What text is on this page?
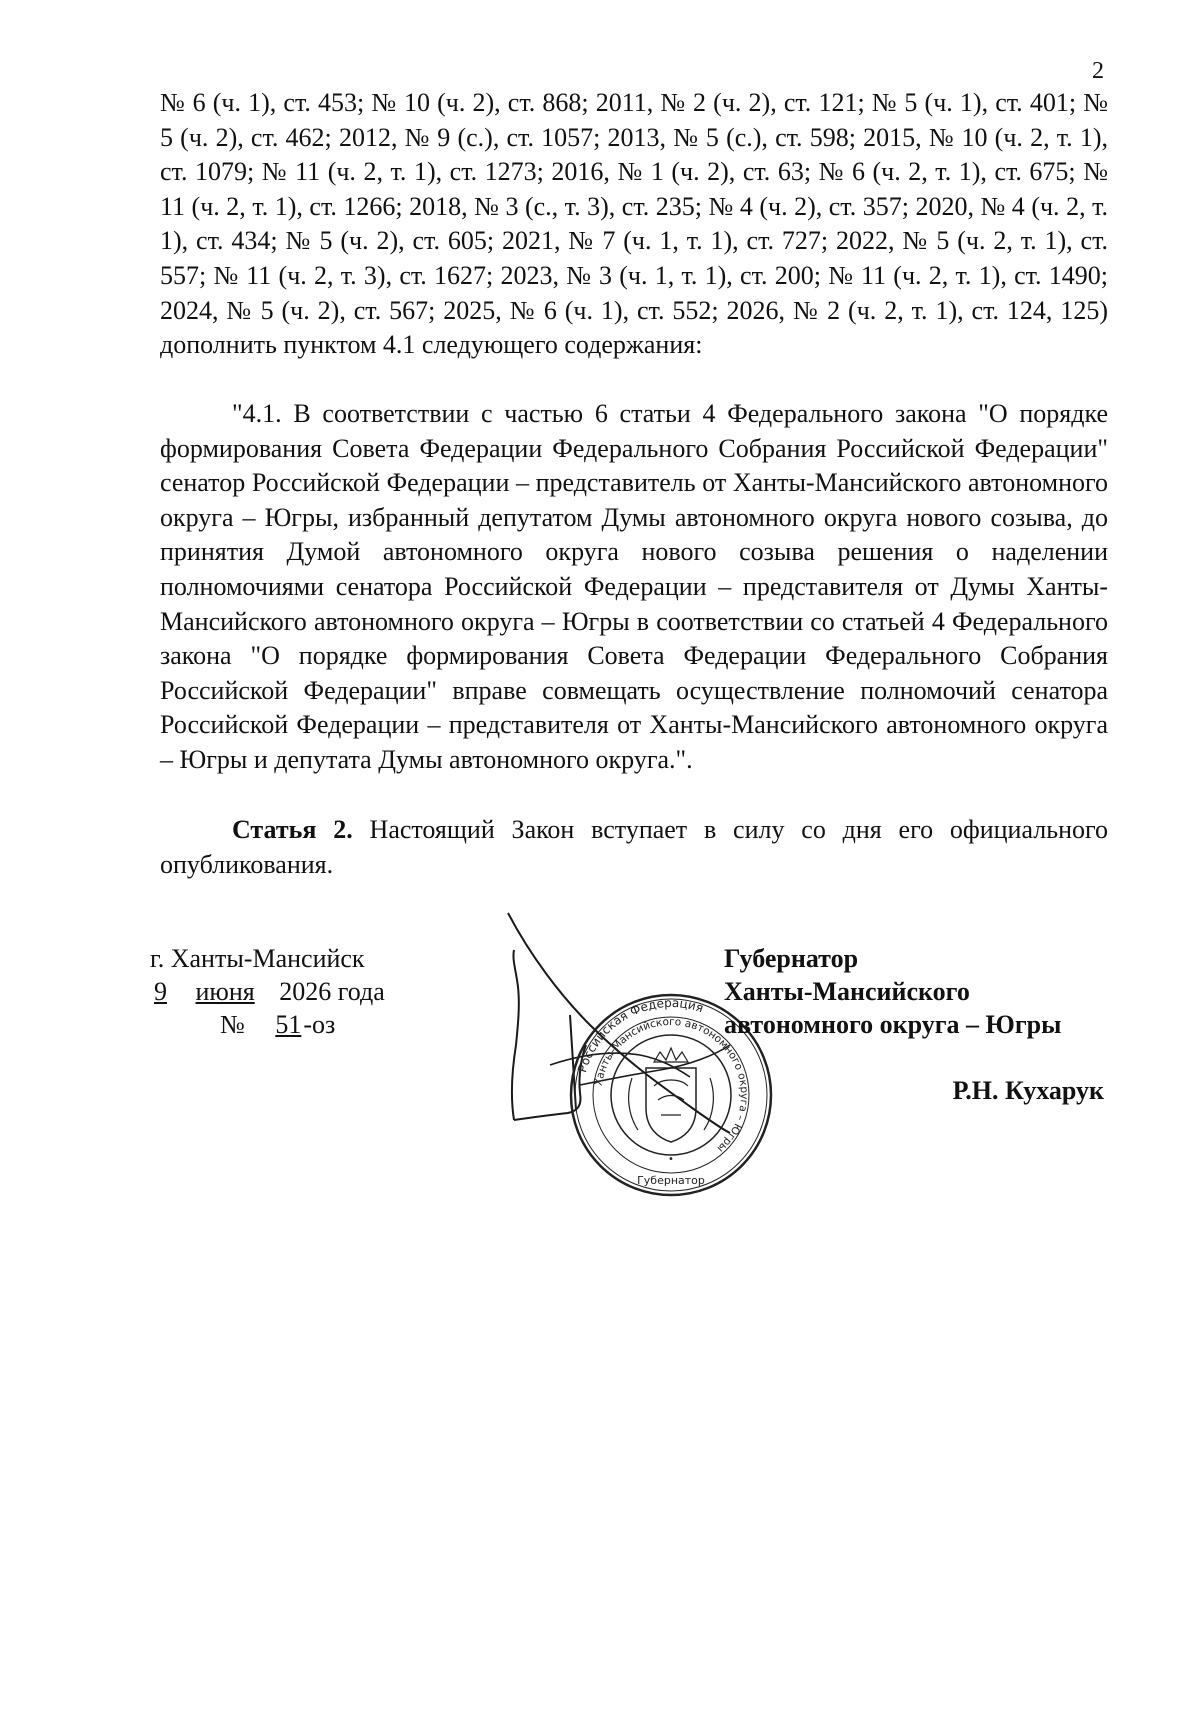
2

№ 6 (ч. 1), ст. 453; № 10 (ч. 2), ст. 868; 2011, № 2 (ч. 2), ст. 121; № 5 (ч. 1), ст. 401; № 5 (ч. 2), ст. 462; 2012, № 9 (с.), ст. 1057; 2013, № 5 (с.), ст. 598; 2015, № 10 (ч. 2, т. 1), ст. 1079; № 11 (ч. 2, т. 1), ст. 1273; 2016, № 1 (ч. 2), ст. 63; № 6 (ч. 2, т. 1), ст. 675; № 11 (ч. 2, т. 1), ст. 1266; 2018, № 3 (с., т. 3), ст. 235; № 4 (ч. 2), ст. 357; 2020, № 4 (ч. 2, т. 1), ст. 434; № 5 (ч. 2), ст. 605; 2021, № 7 (ч. 1, т. 1), ст. 727; 2022, № 5 (ч. 2, т. 1), ст. 557; № 11 (ч. 2, т. 3), ст. 1627; 2023, № 3 (ч. 1, т. 1), ст. 200; № 11 (ч. 2, т. 1), ст. 1490; 2024, № 5 (ч. 2), ст. 567; 2025, № 6 (ч. 1), ст. 552; 2026, № 2 (ч. 2, т. 1), ст. 124, 125) дополнить пунктом 4.1 следующего содержания:

"4.1. В соответствии с частью 6 статьи 4 Федерального закона "О порядке формирования Совета Федерации Федерального Собрания Российской Федерации" сенатор Российской Федерации – представитель от Ханты-Мансийского автономного округа – Югры, избранный депутатом Думы автономного округа нового созыва, до принятия Думой автономного округа нового созыва решения о наделении полномочиями сенатора Российской Федерации – представителя от Думы Ханты-Мансийского автономного округа – Югры в соответствии со статьей 4 Федерального закона "О порядке формирования Совета Федерации Федерального Собрания Российской Федерации" вправе совмещать осуществление полномочий сенатора Российской Федерации – представителя от Ханты-Мансийского автономного округа – Югры и депутата Думы автономного округа.".

Статья 2. Настоящий Закон вступает в силу со дня его официального опубликования.

г. Ханты-Мансийск
9 июня 2026 года
№ 51-оз
Российская Федерация
Ханты-Мансийского автономного округа – Югры
Губернатор
•
Губернатор
Ханты-Мансийского
автономного округа – Югры
Р.Н. Кухарук
